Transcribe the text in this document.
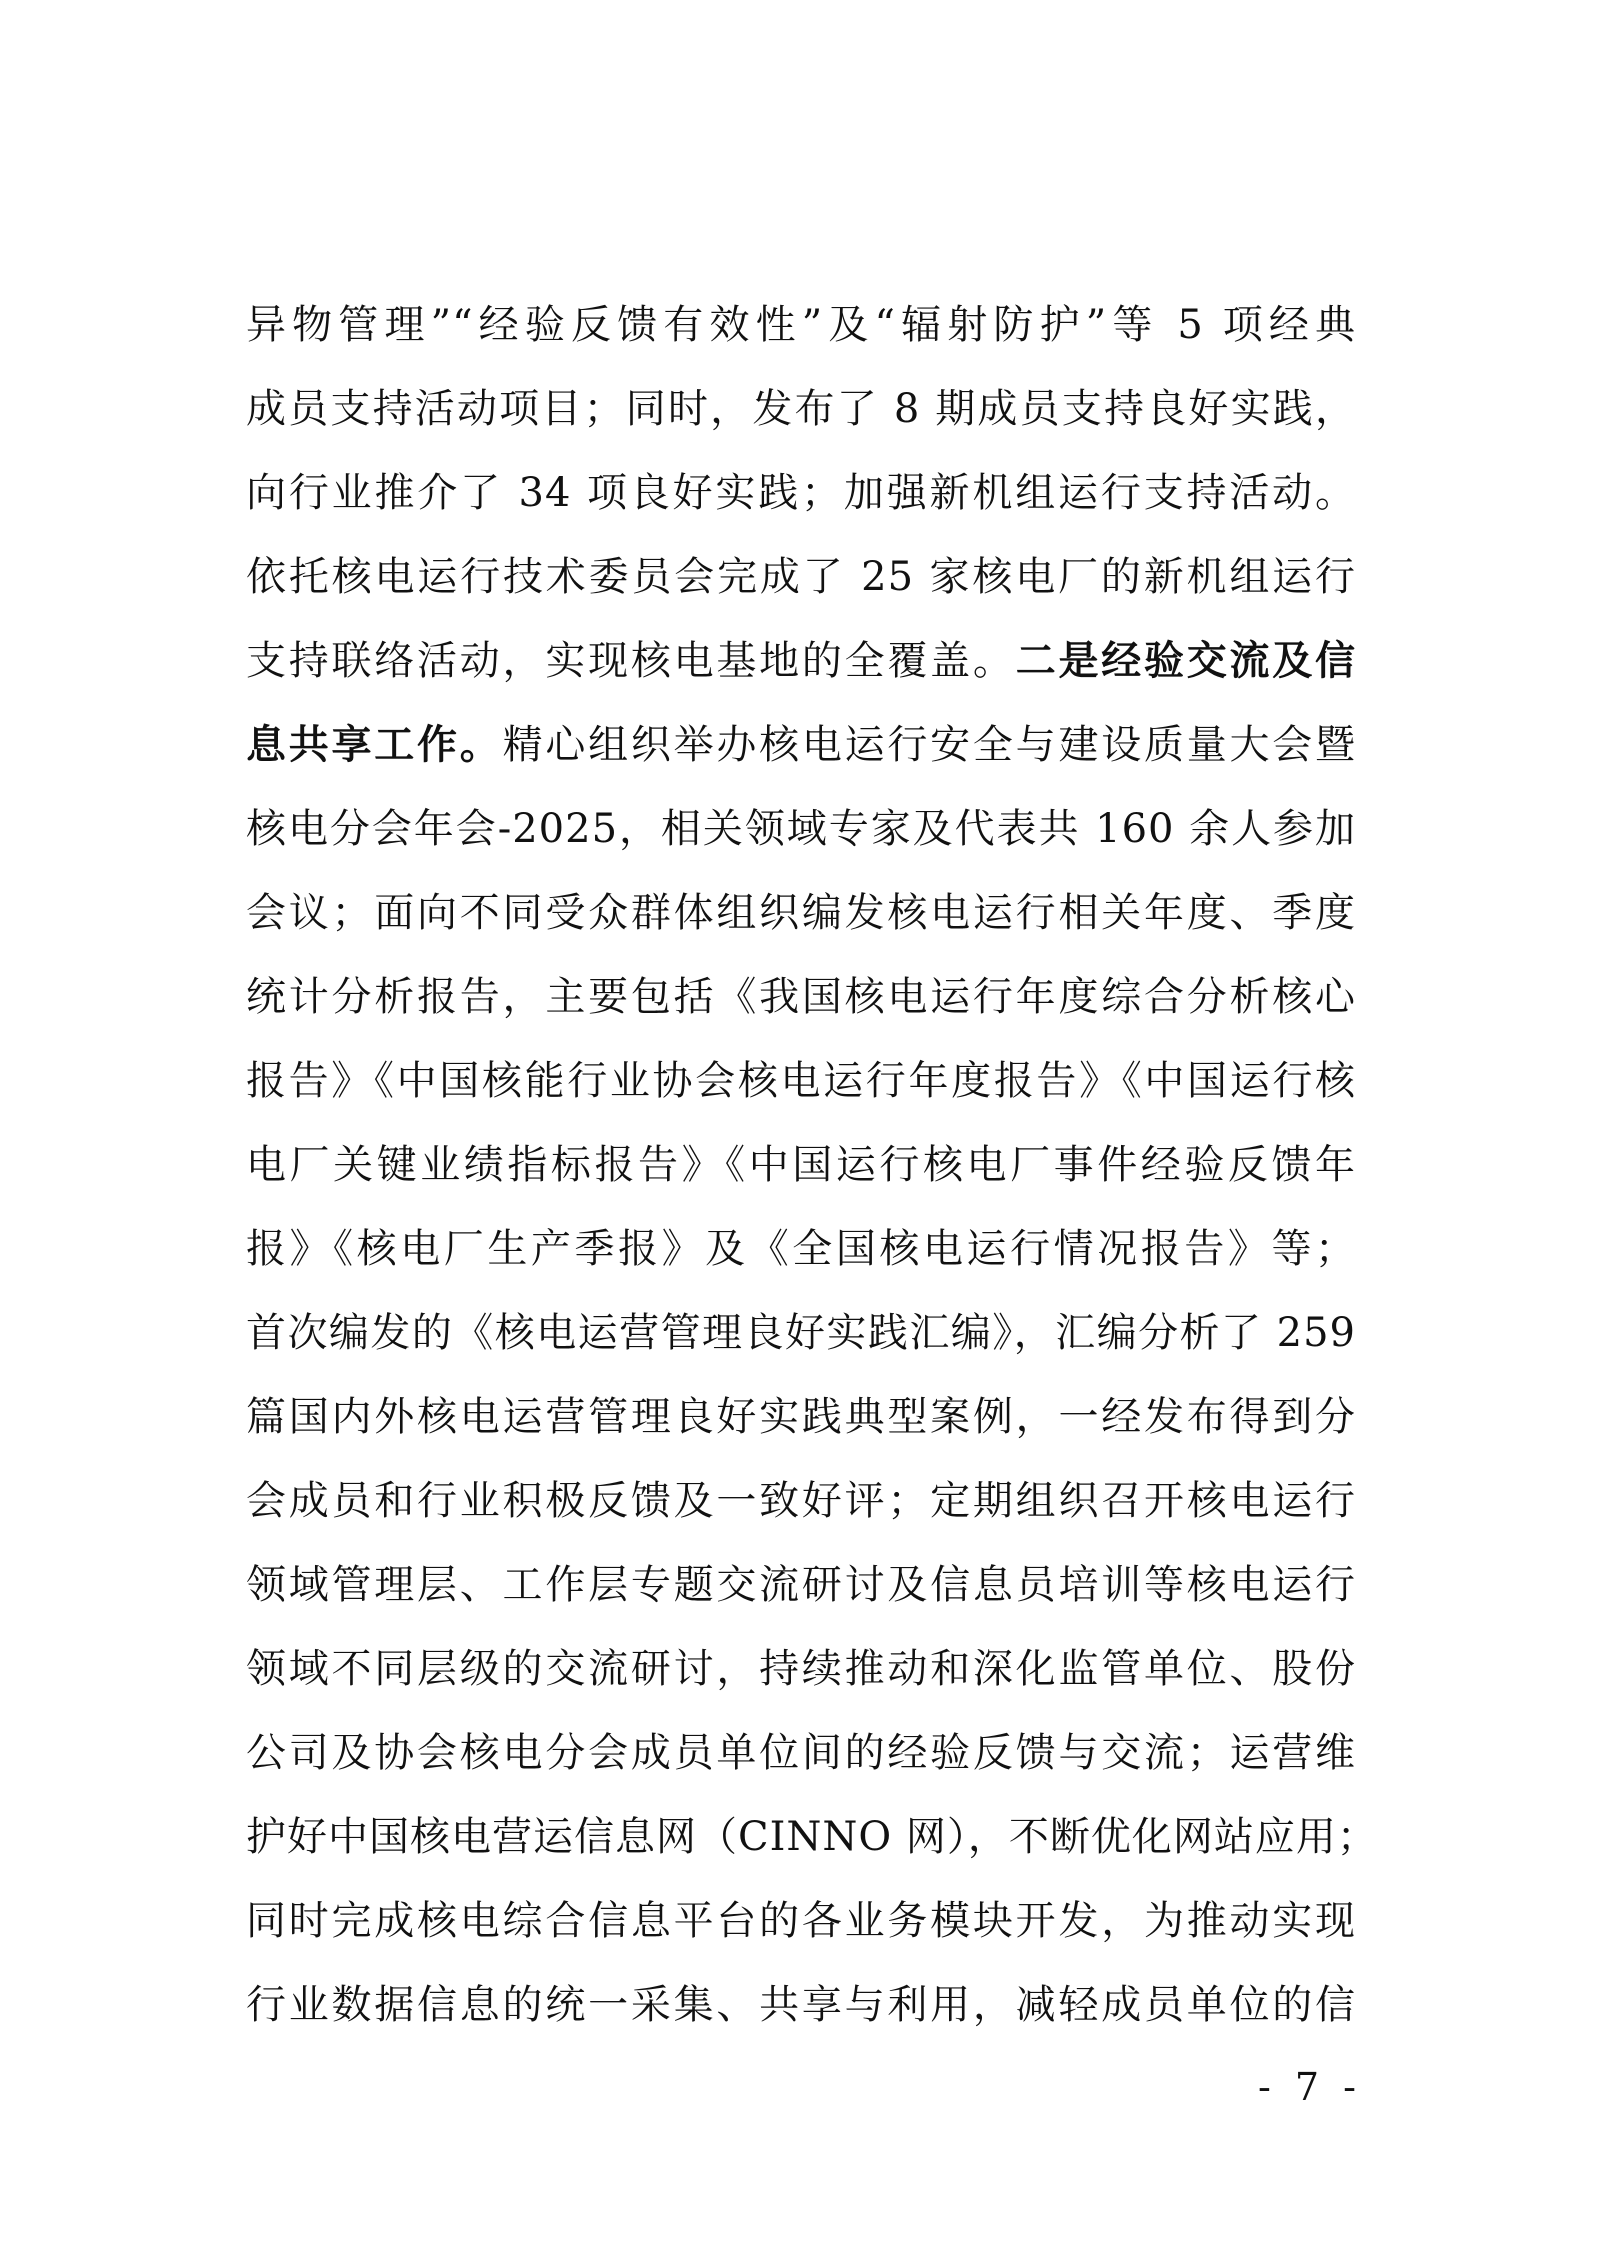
异物管理”“经验反馈有效性”及“辐射防护”等 5 项经典
成员支持活动项目；同时，发布了 8 期成员支持良好实践，
向行业推介了 34 项良好实践；加强新机组运行支持活动。
依托核电运行技术委员会完成了 25 家核电厂的新机组运行
支持联络活动，实现核电基地的全覆盖。二是经验交流及信
息共享工作。精心组织举办核电运行安全与建设质量大会暨
核电分会年会-2025，相关领域专家及代表共 160 余人参加
会议；面向不同受众群体组织编发核电运行相关年度、季度
统计分析报告，主要包括《我国核电运行年度综合分析核心
报告》《中国核能行业协会核电运行年度报告》《中国运行核
电厂关键业绩指标报告》《中国运行核电厂事件经验反馈年
报》《核电厂生产季报》及《全国核电运行情况报告》等；
首次编发的《核电运营管理良好实践汇编》，汇编分析了 259
篇国内外核电运营管理良好实践典型案例，一经发布得到分
会成员和行业积极反馈及一致好评；定期组织召开核电运行
领域管理层、工作层专题交流研讨及信息员培训等核电运行
领域不同层级的交流研讨，持续推动和深化监管单位、股份
公司及协会核电分会成员单位间的经验反馈与交流；运营维
护好中国核电营运信息网（CINNO 网），不断优化网站应用；
同时完成核电综合信息平台的各业务模块开发，为推动实现
行业数据信息的统一采集、共享与利用，减轻成员单位的信
- 7 -
